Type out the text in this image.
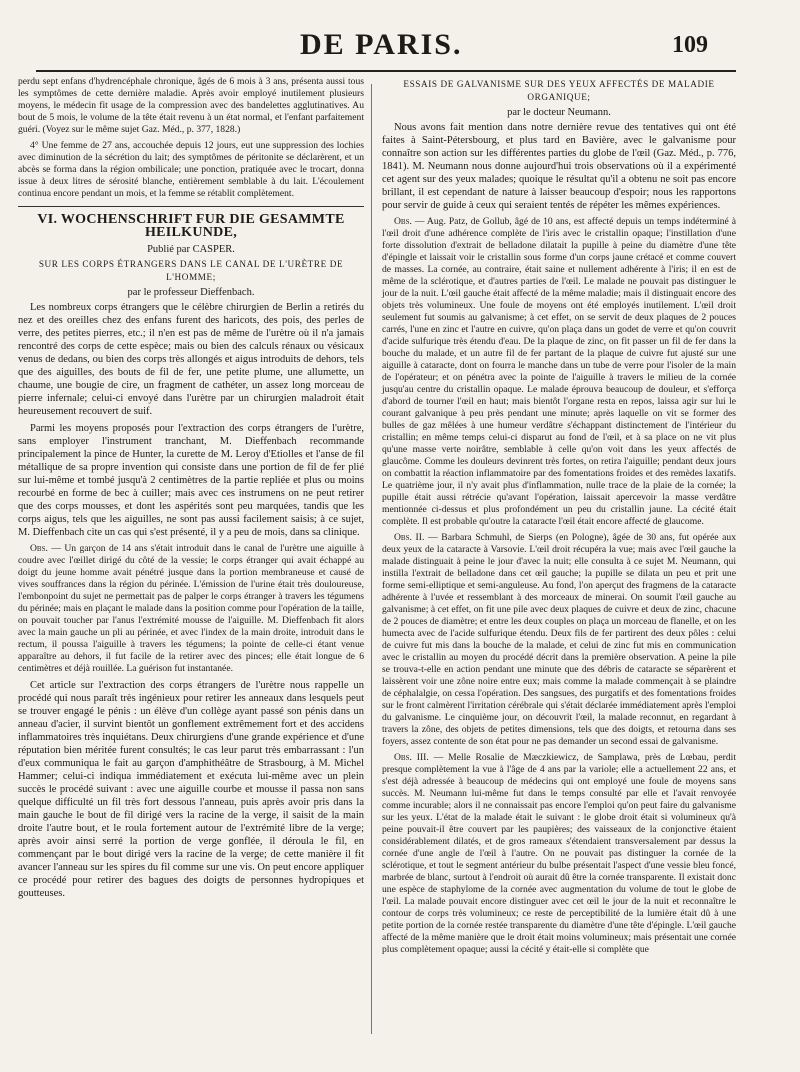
DE PARIS.	109

perdu sept enfans d'hydrencéphale chronique, âgés de 6 mois à 3 ans, présenta aussi tous les symptômes de cette dernière maladie. Après avoir employé inutilement plusieurs moyens, le médecin fit usage de la compression avec des bandelettes agglutinatives. Au bout de 5 mois, le volume de la tête était revenu à un état normal, et l'enfant parfaitement guéri. (Voyez sur le même sujet Gaz. Méd., p. 377, 1828.)

4° Une femme de 27 ans, accouchée depuis 12 jours, eut une suppression des lochies avec diminution de la sécrétion du lait; des symptômes de péritonite se déclarèrent, et un abcès se forma dans la région ombilicale; une ponction, pratiquée avec le trocart, donna issue à deux litres de sérosité blanche, entièrement semblable à du lait. L'écoulement continua encore pendant un mois, et la femme se rétablit complètement.

VI. WOCHENSCHRIFT FUR DIE GESAMMTE HEILKUNDE,
Publié par CASPER.
SUR LES CORPS ÉTRANGERS DANS LE CANAL DE L'URÈTRE DE L'HOMME;
par le professeur Dieffenbach.

Les nombreux corps étrangers que le célèbre chirurgien de Berlin a retirés du nez et des oreilles chez des enfans furent des haricots, des pois, des perles de verre, des petites pierres, etc.; il n'en est pas de même de l'urètre où il n'a jamais rencontré des corps de cette espèce; mais ou bien des calculs rénaux ou vésicaux venus de dedans, ou bien des corps très allongés et aigus introduits de dehors, tels que des aiguilles, des bouts de fil de fer, une petite plume, une allumette, un chaume, une bougie de cire, un fragment de cathéter, un assez long morceau de pierre infernale; celui-ci envoyé dans l'urètre par un chirurgien maladroit était heureusement recouvert de suif.

Parmi les moyens proposés pour l'extraction des corps étrangers de l'urètre, sans employer l'instrument tranchant, M. Dieffenbach recommande principalement la pince de Hunter, la curette de M. Leroy d'Etiolles et l'anse de fil métallique de sa propre invention qui consiste dans une portion de fil de fer plié sur lui-même et tombé jusqu'à 2 centimètres de la partie repliée et plus ou moins recourbé en forme de bec à cuiller; mais avec ces instrumens on ne peut retirer que des corps mousses, et dont les aspérités sont peu marquées, tandis que les corps aigus, tels que les aiguilles, ne sont pas aussi facilement saisis; à ce sujet, M. Dieffenbach cite un cas qui s'est présenté, il y a peu de mois, dans sa clinique.

Obs. — Un garçon de 14 ans s'était introduit dans le canal de l'urètre une aiguille à coudre avec l'œillet dirigé du côté de la vessie; le corps étranger qui avait échappé au doigt du jeune homme avait pénétré jusque dans la portion membraneuse et causé de vives souffrances dans la région du périnée. L'émission de l'urine était très douloureuse, l'embonpoint du sujet ne permettait pas de palper le corps étranger à travers les tégumens du périnée; mais en plaçant le malade dans la position comme pour l'opération de la taille, on pouvait toucher par l'anus l'extrémité mousse de l'aiguille. M. Dieffenbach fit alors avec la main gauche un pli au périnée, et avec l'index de la main droite, introduit dans le rectum, il poussa l'aiguille à travers les tégumens; la pointe de celle-ci étant venue apparaître au dehors, il fut facile de la retirer avec des pinces; elle était longue de 6 centimètres et déjà rouillée. La guérison fut instantanée.

Cet article sur l'extraction des corps étrangers de l'urètre nous rappelle un procédé qui nous paraît très ingénieux pour retirer les anneaux dans lesquels peut se trouver engagé le pénis : un élève d'un collège ayant passé son pénis dans un anneau d'acier, il survint bientôt un gonflement extrêmement fort et des accidens inflammatoires très inquiétans. Deux chirurgiens d'une grande expérience et d'une réputation bien méritée furent consultés; le cas leur parut très embarrassant : l'un d'eux communiqua le fait au garçon d'amphithéâtre de Strasbourg, à M. Michel Hammer; celui-ci indiqua immédiatement et exécuta lui-même avec un plein succès le procédé suivant : avec une aiguille courbe et mousse il passa non sans quelque difficulté un fil très fort dessous l'anneau, puis après avoir pris dans la main gauche le bout de fil dirigé vers la racine de la verge, il saisit de la main droite l'autre bout, et le roula fortement autour de l'extrémité libre de la verge; après avoir ainsi serré la portion de verge gonflée, il déroula le fil, en commençant par le bout dirigé vers la racine de la verge; de cette manière il fit avancer l'anneau sur les spires du fil comme sur une vis. On peut encore appliquer ce procédé pour retirer des bagues des doigts de personnes hydropiques et goutteuses.

ESSAIS DE GALVANISME SUR DES YEUX AFFECTÉS DE MALADIE ORGANIQUE;
par le docteur Neumann.

Nous avons fait mention dans notre dernière revue des tentatives qui ont été faites à Saint-Pétersbourg, et plus tard en Bavière, avec le galvanisme pour connaître son action sur les différentes parties du globe de l'œil (Gaz. Méd., p. 776, 1841). M. Neumann nous donne aujourd'hui trois observations où il a expérimenté cet agent sur des yeux malades; quoique le résultat qu'il a obtenu ne soit pas encore brillant, il est cependant de nature à laisser beaucoup d'espoir; nous les rapportons pour servir de guide à ceux qui seraient tentés de répéter les mêmes expériences.

Obs. — Aug. Patz, de Gollub, âgé de 10 ans, est affecté depuis un temps indéterminé à l'œil droit d'une adhérence complète de l'iris avec le cristallin opaque; l'instillation d'une forte dissolution d'extrait de belladone dilatait la pupille à peine du diamètre d'une tête d'épingle et laissait voir le cristallin sous forme d'un corps jaune crétacé et comme couvert de masses. La cornée, au contraire, était saine et nullement adhérente à l'iris; il en est de même de la sclérotique, et d'autres parties de l'œil. Le malade ne pouvait pas distinguer le jour de la nuit. L'œil gauche était affecté de la même maladie; mais il distinguait encore des objets très volumineux. Une foule de moyens ont été employés inutilement. L'œil droit seulement fut soumis au galvanisme; à cet effet, on se servit de deux plaques de 2 pouces carrés, l'une en zinc et l'autre en cuivre, qu'on plaça dans un godet de verre et qu'on couvrit d'acide sulfurique très étendu d'eau. De la plaque de zinc, on fit passer un fil de fer dans la bouche du malade, et un autre fil de fer partant de la plaque de cuivre fut ajusté sur une aiguille à cataracte, dont on fourra le manche dans un tube de verre pour l'isoler de la main de l'opérateur; et on pénétra avec la pointe de l'aiguille à travers le milieu de la cornée jusqu'au centre du cristallin opaque. Le malade éprouva beaucoup de douleur, et s'efforça d'abord de tourner l'œil en haut; mais bientôt l'organe resta en repos, laissa agir sur lui le courant galvanique à peu près pendant une minute; après laquelle on vit se former des bulles de gaz mêlées à une humeur verdâtre s'échappant distinctement de l'intérieur du cristallin; en même temps celui-ci disparut au fond de l'œil, et à sa place on ne vit plus qu'une masse verte noirâtre, semblable à celle qu'on voit dans les yeux affectés de glaucôme. Comme les douleurs devinrent très fortes, on retira l'aiguille; pendant deux jours on combattit la réaction inflammatoire par des fomentations froides et des remèdes laxatifs. Le quatrième jour, il n'y avait plus d'inflammation, nulle trace de la plaie de la cornée; la pupille était aussi rétrécie qu'avant l'opération, laissait apercevoir la masse verdâtre mentionnée ci-dessus et plus profondément un peu du cristallin jaune. La cécité était complète. Il est probable qu'outre la cataracte l'œil était encore affecté de glaucome.

Obs. II. — Barbara Schmuhl, de Sierps (en Pologne), âgée de 30 ans, fut opérée aux deux yeux de la cataracte à Varsovie. L'œil droit récupéra la vue; mais avec l'œil gauche la malade distinguait à peine le jour d'avec la nuit; elle consulta à ce sujet M. Neumann, qui instilla l'extrait de belladone dans cet œil gauche; la pupille se dilata un peu et prit une forme semi-elliptique et semi-anguleuse. Au fond, l'on aperçut des fragmens de la cataracte adhérente à l'uvée et ressemblant à des morceaux de minerai. On soumit l'œil gauche au galvanisme; à cet effet, on fit une pile avec deux plaques de cuivre et deux de zinc, chacune de 2 pouces de diamètre; et entre les deux couples on plaça un morceau de flanelle, et on les humecta avec de l'acide sulfurique étendu. Deux fils de fer partirent des deux pôles : celui de cuivre fut mis dans la bouche de la malade, et celui de zinc fut mis en communication avec le cristallin au moyen du procédé décrit dans la première observation. A peine la pile se trouva-t-elle en action pendant une minute que des débris de cataracte se séparèrent et laissèrent voir une zône noire entre eux; mais comme la malade commençait à se plaindre de céphalalgie, on cessa l'opération. Des sangsues, des purgatifs et des fomentations froides sur le front calmèrent l'irritation cérébrale qui s'était déclarée immédiatement après l'emploi du galvanisme. Le cinquième jour, on découvrit l'œil, la malade reconnut, en regardant à travers la zône, des objets de petites dimensions, tels que des doigts, et retourna dans ses foyers, assez contente de son état pour ne pas demander un second essai de galvanisme.

Obs. III. — Melle Rosalie de Mæczkiewicz, de Samplawa, près de Lœbau, perdit presque complètement la vue à l'âge de 4 ans par la variole; elle a actuellement 22 ans, et s'est déjà adressée à beaucoup de médecins qui ont employé une foule de moyens sans succès. M. Neumann lui-même fut dans le temps consulté par elle et l'avait renvoyée comme incurable; alors il ne connaissait pas encore l'emploi qu'on peut faire du galvanisme sur les yeux. L'état de la malade était le suivant : le globe droit était si volumineux qu'à peine pouvait-il être couvert par les paupières; des vaisseaux de la conjonctive étaient considérablement dilatés, et de gros rameaux s'étendaient transversalement par dessus la cornée d'une angle de l'œil à l'autre. On ne pouvait pas distinguer la cornée de la sclérotique, et tout le segment antérieur du bulbe présentait l'aspect d'une vessie bleu foncé, marbrée de blanc, surtout à l'endroit où aurait dû être la cornée transparente. Il existait donc une espèce de staphylome de la cornée avec augmentation du volume de tout le globe de l'œil. La malade pouvait encore distinguer avec cet œil le jour de la nuit et reconnaître le contour de corps très volumineux; ce reste de perceptibilité de la lumière était dû à une petite portion de la cornée restée transparente du diamètre d'une tête d'épingle. L'œil gauche affecté de la même manière que le droit était moins volumineux; mais présentait une cornée plus complètement opaque; aussi la cécité y était-elle si complète que
